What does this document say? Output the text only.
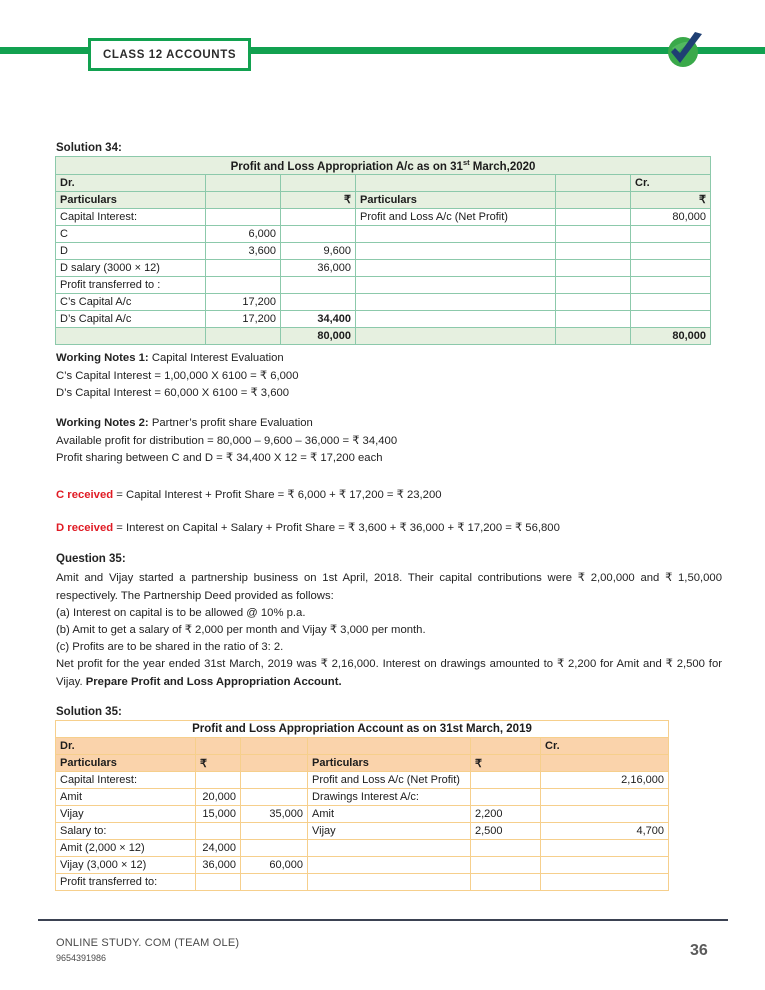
CLASS 12 ACCOUNTS
Solution 34:
Profit and Loss Appropriation A/c as on 31st March,2020					
Dr.					Cr.
Particulars		₹	Particulars		₹
Capital Interest:			Profit and Loss A/c (Net Profit)		80,000
C	6,000				
D	3,600	9,600			
D salary (3000 × 12)		36,000			
Profit transferred to :					
C’s Capital A/c	17,200				
D’s Capital A/c	17,200	34,400			
		80,000			80,000
Working Notes 1: Capital Interest Evaluation
C’s Capital Interest = 1,00,000 X 6100 = ₹ 6,000
D’s Capital Interest = 60,000 X 6100 = ₹ 3,600
Working Notes 2: Partner’s profit share Evaluation
Available profit for distribution = 80,000 – 9,600 – 36,000 = ₹ 34,400
Profit sharing between C and D = ₹ 34,400 X 12 = ₹ 17,200 each
C received = Capital Interest + Profit Share = ₹ 6,000 + ₹ 17,200 = ₹ 23,200
D received = Interest on Capital + Salary + Profit Share = ₹ 3,600 + ₹ 36,000 + ₹ 17,200 = ₹ 56,800
Question 35:
Amit and Vijay started a partnership business on 1st April, 2018. Their capital contributions were ₹ 2,00,000 and ₹ 1,50,000 respectively. The Partnership Deed provided as follows:
(a) Interest on capital is to be allowed @ 10% p.a.
(b) Amit to get a salary of ₹ 2,000 per month and Vijay ₹ 3,000 per month.
(c) Profits are to be shared in the ratio of 3: 2.
Net profit for the year ended 31st March, 2019 was ₹ 2,16,000. Interest on drawings amounted to ₹ 2,200 for Amit and ₹ 2,500 for Vijay. Prepare Profit and Loss Appropriation Account.
Solution 35:
Profit and Loss Appropriation Account as on 31st March, 2019					
Dr.					Cr.
Particulars	₹		Particulars	₹	
Capital Interest:			Profit and Loss A/c (Net Profit)		2,16,000
Amit	20,000		Drawings Interest A/c:		
Vijay	15,000	35,000	Amit	2,200	
Salary to:			Vijay	2,500	4,700
Amit (2,000 × 12)	24,000				
Vijay (3,000 × 12)	36,000	60,000			
Profit transferred to:					
ONLINE STUDY. COM (TEAM OLE)
9654391986	36
